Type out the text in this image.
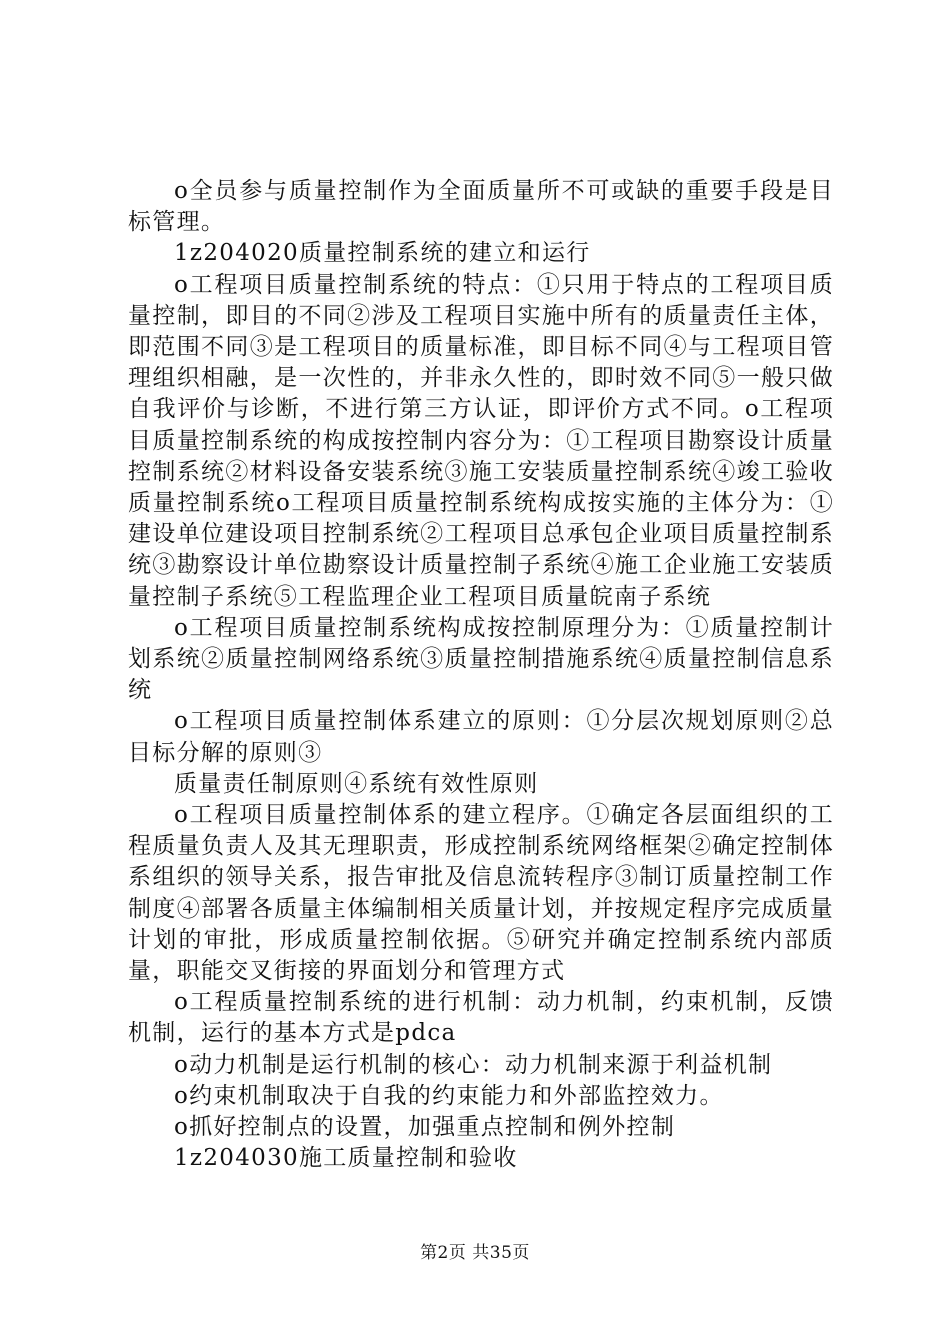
o全员参与质量控制作为全面质量所不可或缺的重要手段是目标管理。

1z204020质量控制系统的建立和运行

o工程项目质量控制系统的特点：①只用于特点的工程项目质量控制，即目的不同②涉及工程项目实施中所有的质量责任主体，即范围不同③是工程项目的质量标准，即目标不同④与工程项目管理组织相融，是一次性的，并非永久性的，即时效不同⑤一般只做自我评价与诊断，不进行第三方认证，即评价方式不同。o工程项目质量控制系统的构成按控制内容分为：①工程项目勘察设计质量控制系统②材料设备安装系统③施工安装质量控制系统④竣工验收质量控制系统o工程项目质量控制系统构成按实施的主体分为：①建设单位建设项目控制系统②工程项目总承包企业项目质量控制系统③勘察设计单位勘察设计质量控制子系统④施工企业施工安装质量控制子系统⑤工程监理企业工程项目质量皖南子系统

o工程项目质量控制系统构成按控制原理分为：①质量控制计划系统②质量控制网络系统③质量控制措施系统④质量控制信息系统

o工程项目质量控制体系建立的原则：①分层次规划原则②总目标分解的原则③

质量责任制原则④系统有效性原则

o工程项目质量控制体系的建立程序。①确定各层面组织的工程质量负责人及其无理职责，形成控制系统网络框架②确定控制体系组织的领导关系，报告审批及信息流转程序③制订质量控制工作制度④部署各质量主体编制相关质量计划，并按规定程序完成质量计划的审批，形成质量控制依据。⑤研究并确定控制系统内部质量，职能交叉街接的界面划分和管理方式

o工程质量控制系统的进行机制：动力机制，约束机制，反馈机制，运行的基本方式是pdca

o动力机制是运行机制的核心：动力机制来源于利益机制

o约束机制取决于自我的约束能力和外部监控效力。

o抓好控制点的设置，加强重点控制和例外控制

1z204030施工质量控制和验收

第2页 共35页
